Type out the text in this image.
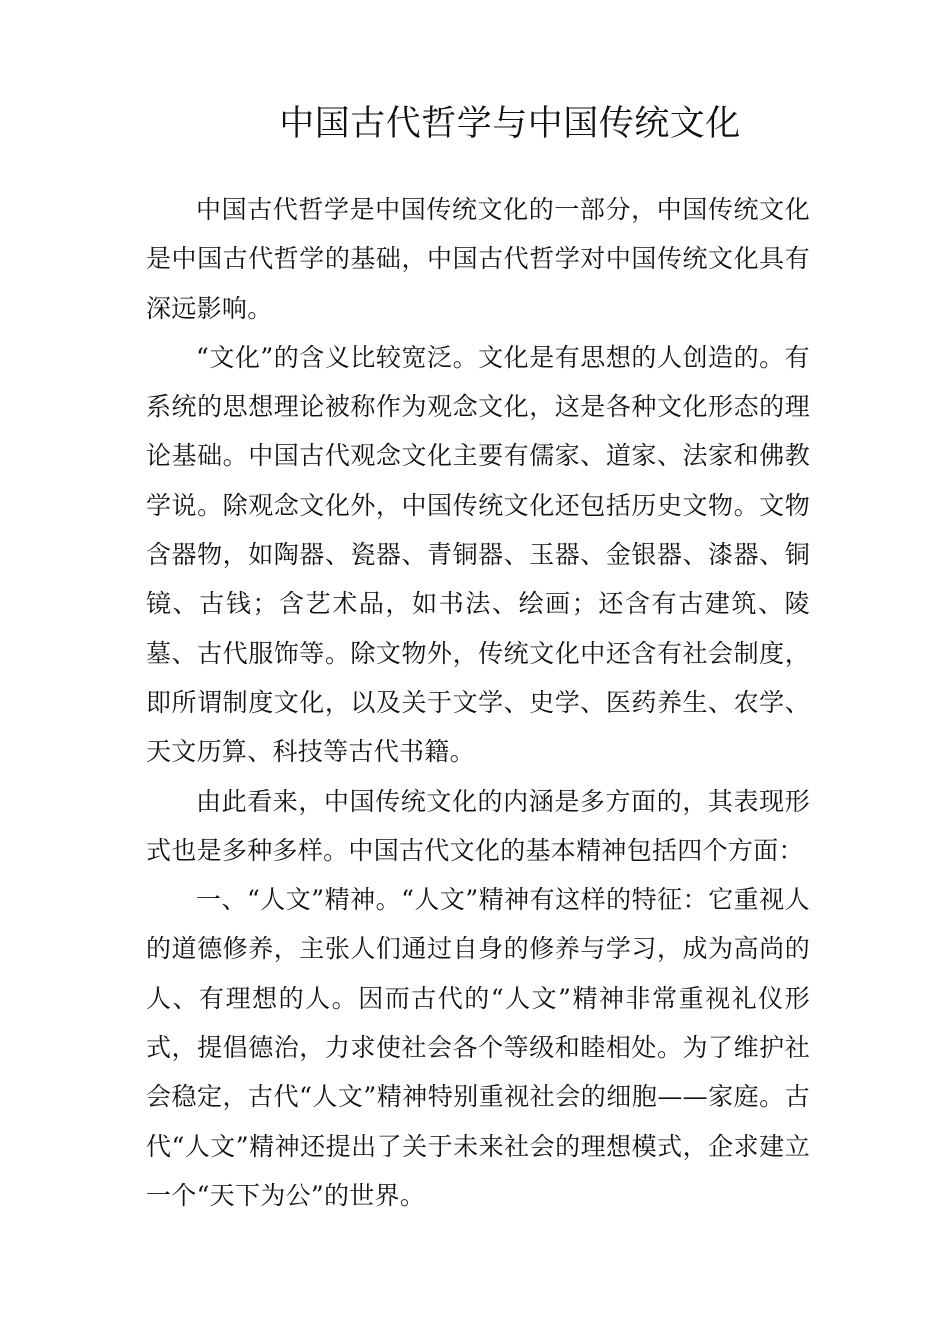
中国古代哲学与中国传统文化

中国古代哲学是中国传统文化的一部分，中国传统文化是中国古代哲学的基础，中国古代哲学对中国传统文化具有深远影响。

“文化”的含义比较宽泛。文化是有思想的人创造的。有系统的思想理论被称作为观念文化，这是各种文化形态的理论基础。中国古代观念文化主要有儒家、道家、法家和佛教学说。除观念文化外，中国传统文化还包括历史文物。文物含器物，如陶器、瓷器、青铜器、玉器、金银器、漆器、铜镜、古钱；含艺术品，如书法、绘画；还含有古建筑、陵墓、古代服饰等。除文物外，传统文化中还含有社会制度，即所谓制度文化，以及关于文学、史学、医药养生、农学、天文历算、科技等古代书籍。

由此看来，中国传统文化的内涵是多方面的，其表现形式也是多种多样。中国古代文化的基本精神包括四个方面：

一、“人文”精神。“人文”精神有这样的特征：它重视人的道德修养，主张人们通过自身的修养与学习，成为高尚的人、有理想的人。因而古代的“人文”精神非常重视礼仪形式，提倡德治，力求使社会各个等级和睦相处。为了维护社会稳定，古代“人文”精神特别重视社会的细胞——家庭。古代“人文”精神还提出了关于未来社会的理想模式，企求建立一个“天下为公”的世界。
